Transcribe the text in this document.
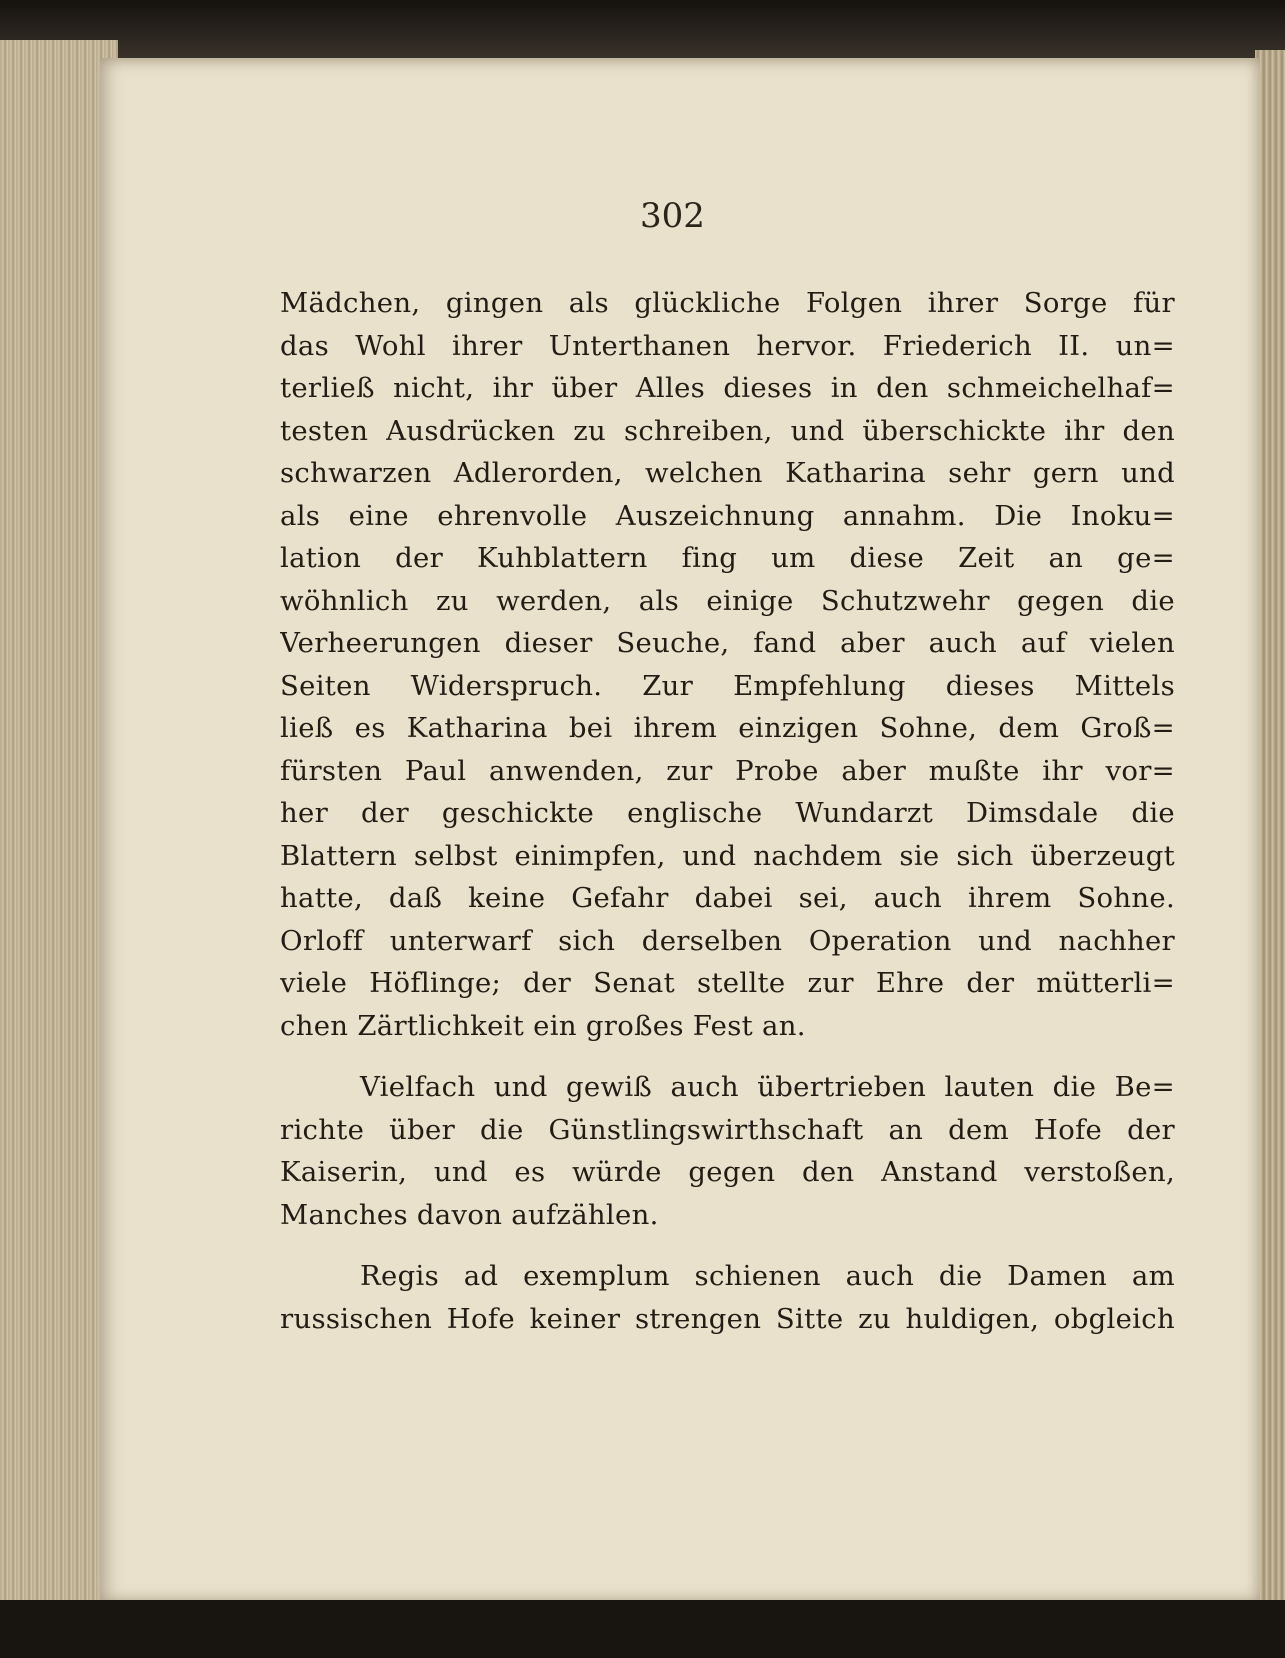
302

Mädchen, gingen als glückliche Folgen ihrer Sorge für
das Wohl ihrer Unterthanen hervor. Friederich II. un=
terließ nicht, ihr über Alles dieses in den schmeichelhaf=
testen Ausdrücken zu schreiben, und überschickte ihr den
schwarzen Adlerorden, welchen Katharina sehr gern und
als eine ehrenvolle Auszeichnung annahm. Die Inoku=
lation der Kuhblattern fing um diese Zeit an ge=
wöhnlich zu werden, als einige Schutzwehr gegen die
Verheerungen dieser Seuche, fand aber auch auf vielen
Seiten Widerspruch. Zur Empfehlung dieses Mittels
ließ es Katharina bei ihrem einzigen Sohne, dem Groß=
fürsten Paul anwenden, zur Probe aber mußte ihr vor=
her der geschickte englische Wundarzt Dimsdale die
Blattern selbst einimpfen, und nachdem sie sich überzeugt
hatte, daß keine Gefahr dabei sei, auch ihrem Sohne.
Orloff unterwarf sich derselben Operation und nachher
viele Höflinge; der Senat stellte zur Ehre der mütterli=
chen Zärtlichkeit ein großes Fest an.

Vielfach und gewiß auch übertrieben lauten die Be=
richte über die Günstlingswirthschaft an dem Hofe der
Kaiserin, und es würde gegen den Anstand verstoßen,
Manches davon aufzählen.

Regis ad exemplum schienen auch die Damen am
russischen Hofe keiner strengen Sitte zu huldigen, obgleich
